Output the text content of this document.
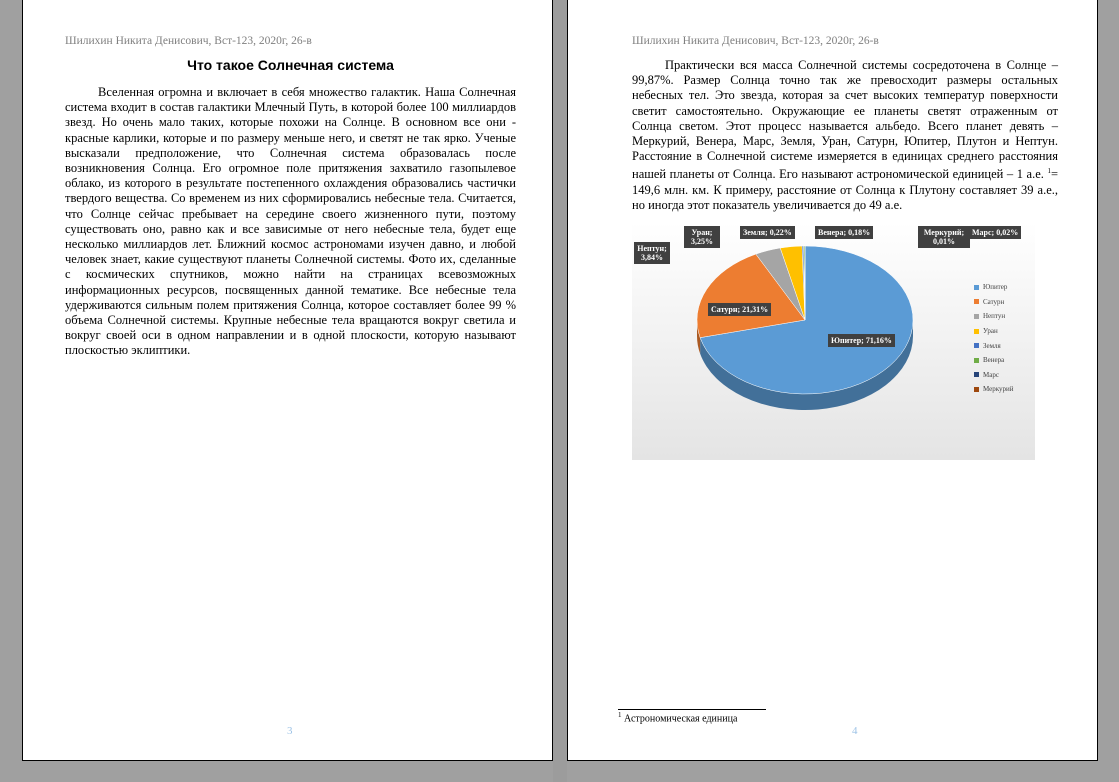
Шилихин Никита Денисович, Вст-123, 2020г, 26-в
Что такое Солнечная система

Вселенная огромна и включает в себя множество галактик. Наша Солнечная система входит в состав галактики Млечный Путь, в которой более 100 миллиардов звезд. Но очень мало таких, которые похожи на Солнце. В основном все они - красные карлики, которые и по размеру меньше него, и светят не так ярко. Ученые высказали предположение, что Солнечная система образовалась после возникновения Солнца. Его огромное поле притяжения захватило газопылевое облако, из которого в результате постепенного охлаждения образовались частички твердого вещества. Со временем из них сформировались небесные тела. Считается, что Солнце сейчас пребывает на середине своего жизненного пути, поэтому существовать оно, равно как и все зависимые от него небесные тела, будет еще несколько миллиардов лет. Ближний космос астрономами изучен давно, и любой человек знает, какие существуют планеты Солнечной системы. Фото их, сделанные с космических спутников, можно найти на страницах всевозможных информационных ресурсов, посвященных данной тематике. Все небесные тела удерживаются сильным полем притяжения Солнца, которое составляет более 99 % объема Солнечной системы. Крупные небесные тела вращаются вокруг светила и вокруг своей оси в одном направлении и в одной плоскости, которую называют плоскостью эклиптики.

3
Шилихин Никита Денисович, Вст-123, 2020г, 26-в

Практически вся масса Солнечной системы сосредоточена в Солнце – 99,87%. Размер Солнца точно так же превосходит размеры остальных небесных тел. Это звезда, которая за счет высоких температур поверхности светит самостоятельно. Окружающие ее планеты светят отраженным от Солнца светом. Этот процесс называется альбедо. Всего планет девять – Меркурий, Венера, Марс, Земля, Уран, Сатурн, Юпитер, Плутон и Нептун. Расстояние в Солнечной системе измеряется в единицах среднего расстояния нашей планеты от Солнца. Его называют астрономической единицей – 1 а.е. $^1$= 149,6 млн. км. К примеру, расстояние от Солнца к Плутону составляет 39 а.е., но иногда этот показатель увеличивается до 49 а.е.

Юпитер; 71,16%
Сатурн; 21,31%
Нептун; 3,84%
Уран; 3,25%
Земля; 0,22%	Венера; 0,18%	Марс; 0,02%
Меркурий; 0,01%
Юпитер
Сатурн
Нептун
Уран
Земля
Венера
Марс
Меркурий
$^1$ Астрономическая единица
4
